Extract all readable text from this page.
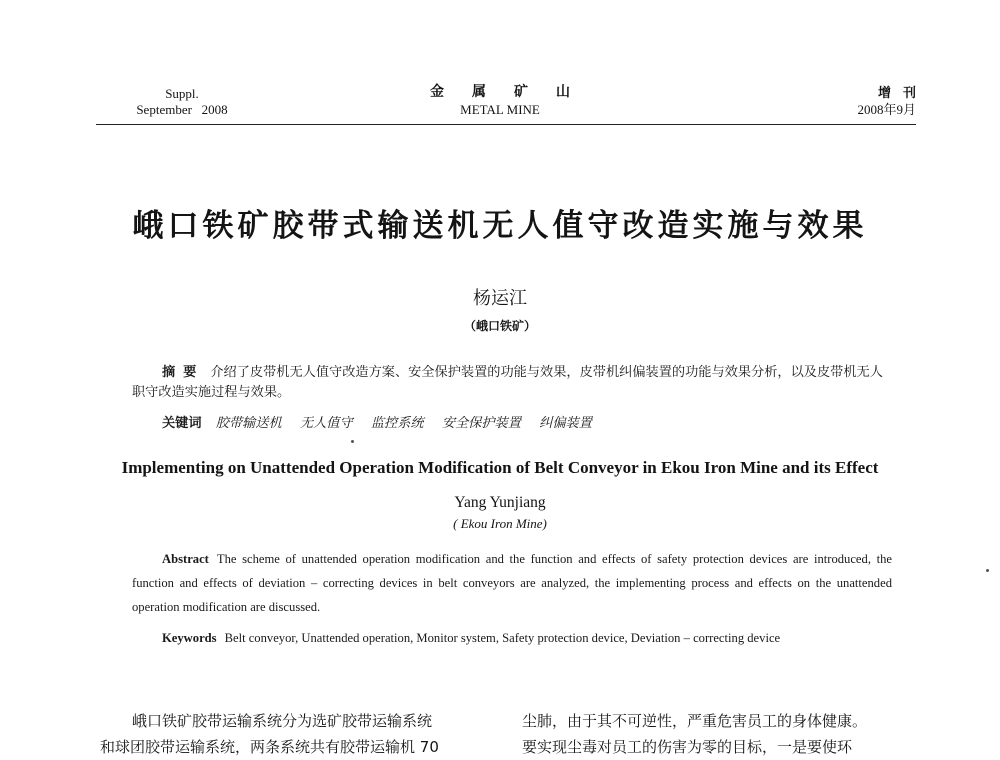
Suppl.
September   2008
金属矿山
METAL MINE
增刊
2008年9月
峨口铁矿胶带式输送机无人值守改造实施与效果
杨运江
（峨口铁矿）
摘要 介绍了皮带机无人值守改造方案、安全保护装置的功能与效果，皮带机纠偏装置的功能与效果分析，以及皮带机无人职守改造实施过程与效果。
关键词 胶带输送机 无人值守 监控系统 安全保护装置 纠偏装置
Implementing on Unattended Operation Modification of Belt Conveyor in Ekou Iron Mine and its Effect
Yang Yunjiang
( Ekou Iron Mine)
Abstract The scheme of unattended operation modification and the function and effects of safety protection devices are introduced, the function and effects of deviation – correcting devices in belt conveyors are analyzed, the implementing process and effects on the unattended operation modification are discussed.
Keywords Belt conveyor, Unattended operation, Monitor system, Safety protection device, Deviation – correcting device
峨口铁矿胶带运输系统分为选矿胶带运输系统
和球团胶带运输系统，两条系统共有胶带运输机 70
尘肺，由于其不可逆性，严重危害员工的身体健康。
要实现尘毒对员工的伤害为零的目标，一是要使环
